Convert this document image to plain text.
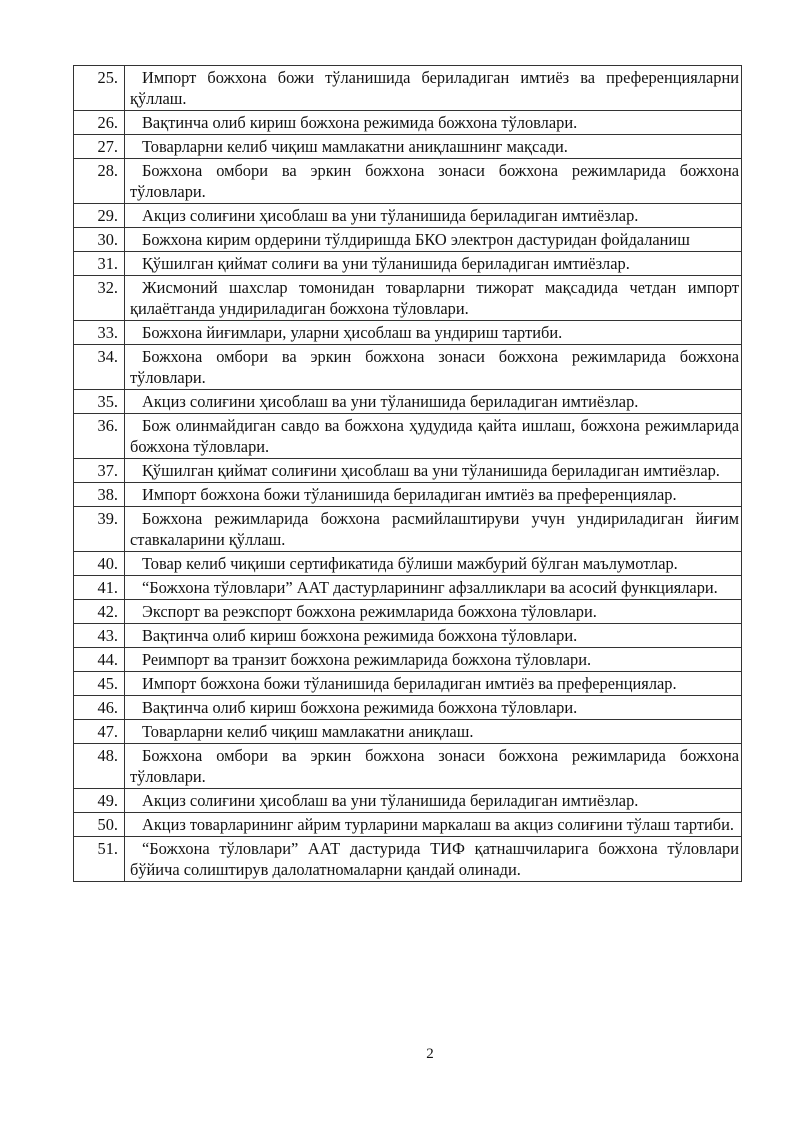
25.	Импорт божхона божи тўланишида бериладиган имтиёз ва преференцияларни қўллаш.

26.	Вақтинча олиб кириш божхона режимида божхона тўловлари.

27.	Товарларни келиб чиқиш мамлакатни аниқлашнинг мақсади.

28.	Божхона омбори ва эркин божхона зонаси божхона режимларида божхона тўловлари.

29.	Акциз солиғини ҳисоблаш ва уни тўланишида бериладиган имтиёзлар.

30.	Божхона кирим ордерини тўлдиришда БКО электрон дастуридан фойдаланиш

31.	Қўшилган қиймат солиғи ва уни тўланишида бериладиган имтиёзлар.

32.	Жисмоний шахслар томонидан товарларни тижорат мақсадида четдан импорт қилаётганда ундириладиган божхона тўловлари.

33.	Божхона йиғимлари, уларни ҳисоблаш ва ундириш тартиби.

34.	Божхона омбори ва эркин божхона зонаси божхона режимларида божхона тўловлари.

35.	Акциз солиғини ҳисоблаш ва уни тўланишида бериладиган имтиёзлар.

36.	Бож олинмайдиган савдо ва божхона ҳудудида қайта ишлаш, божхона режимларида божхона тўловлари.

37.	Қўшилган қиймат солиғини ҳисоблаш ва уни тўланишида бериладиган имтиёзлар.

38.	Импорт божхона божи тўланишида бериладиган имтиёз ва преференциялар.

39.	Божхона режимларида божхона расмийлаштируви учун ундириладиган йиғим ставкаларини қўллаш.

40.	Товар келиб чиқиши сертификатида бўлиши мажбурий бўлган маълумотлар.

41.	“Божхона тўловлари” ААТ дастурларининг афзалликлари ва асосий функциялари.

42.	Экспорт ва реэкспорт божхона режимларида божхона тўловлари.

43.	Вақтинча олиб кириш божхона режимида божхона тўловлари.

44.	Реимпорт ва транзит божхона режимларида божхона тўловлари.

45.	Импорт божхона божи тўланишида бериладиган имтиёз ва преференциялар.

46.	Вақтинча олиб кириш божхона режимида божхона тўловлари.

47.	Товарларни келиб чиқиш мамлакатни аниқлаш.

48.	Божхона омбори ва эркин божхона зонаси божхона режимларида божхона тўловлари.

49.	Акциз солиғини ҳисоблаш ва уни тўланишида бериладиган имтиёзлар.

50.	Акциз товарларининг айрим турларини маркалаш ва акциз солиғини тўлаш тартиби.

51.	“Божхона тўловлари” ААТ дастурида ТИФ қатнашчиларига божхона тўловлари бўйича солиштирув далолатномаларни қандай олинади.
2
